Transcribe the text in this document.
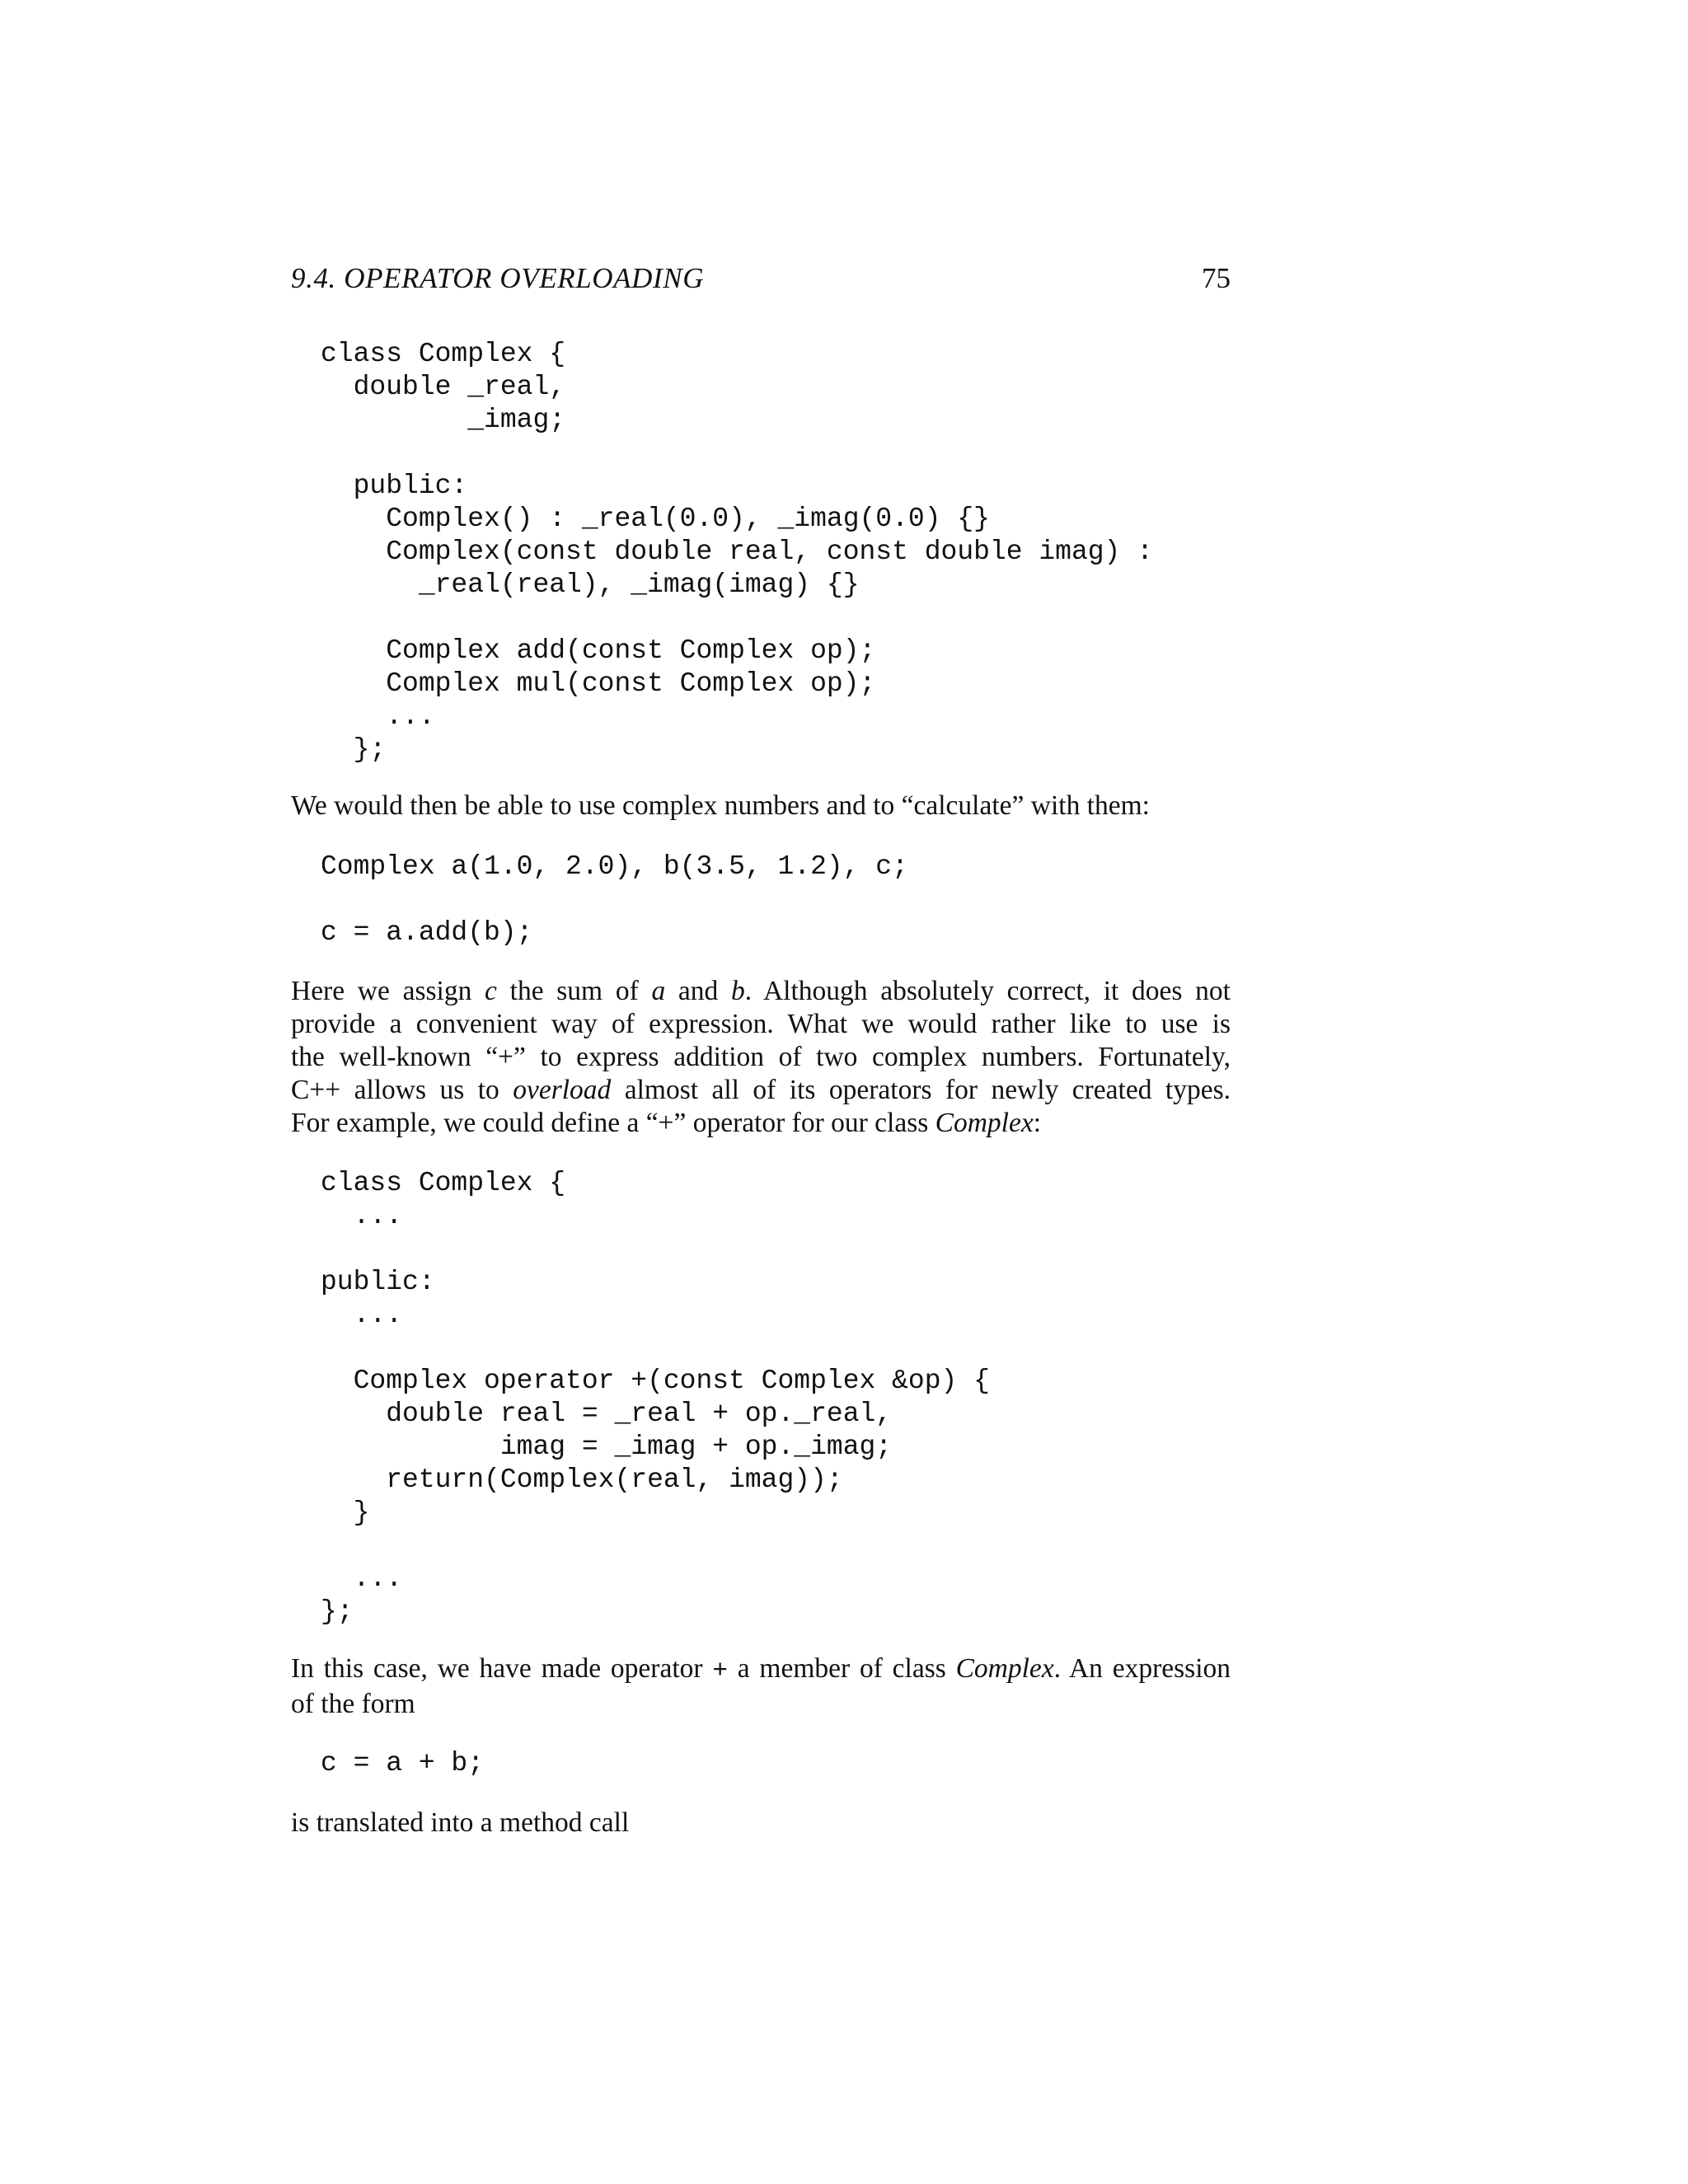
9.4. OPERATOR OVERLOADING	75
class Complex {
double _real,
_imag;

public:
Complex() : _real(0.0), _imag(0.0) {}
Complex(const double real, const double imag) :
_real(real), _imag(imag) {}

Complex add(const Complex op);
Complex mul(const Complex op);
...
};

We would then be able to use complex numbers and to “calculate” with them:

Complex a(1.0, 2.0), b(3.5, 1.2), c;

c = a.add(b);

Here we assign c the sum of a and b. Although absolutely correct, it does not
provide a convenient way of expression. What we would rather like to use is
the well-known “+” to express addition of two complex numbers. Fortunately,
C++ allows us to overload almost all of its operators for newly created types.
For example, we could define a “+” operator for our class Complex:

class Complex {
...

public:
...

Complex operator +(const Complex &op) {
double real = _real + op._real,
imag = _imag + op._imag;
return(Complex(real, imag));
}

...
};

In this case, we have made operator + a member of class Complex. An expression
of the form

c = a + b;

is translated into a method call
